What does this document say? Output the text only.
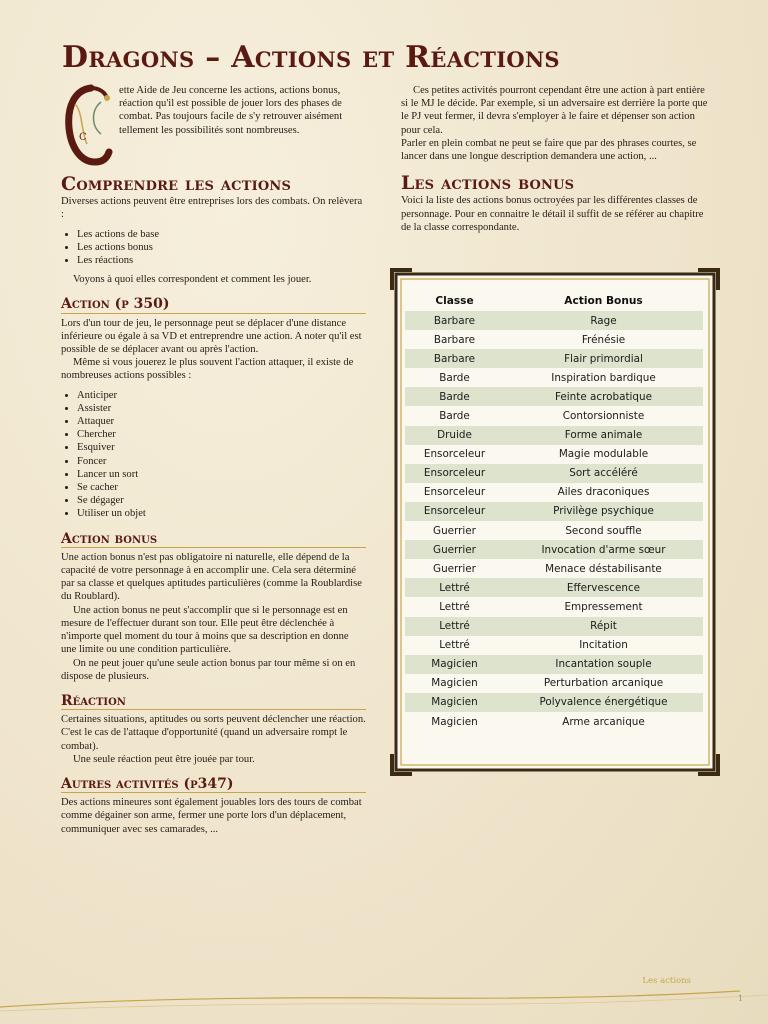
Dragons – Actions et Réactions
C

ette Aide de Jeu concerne les actions, actions bonus, réaction qu'il est possible de jouer lors des phases de combat. Pas toujours facile de s'y retrouver aisément tellement les possibilités sont nombreuses.

Comprendre les actions

Diverses actions peuvent être entreprises lors des combats. On relèvera :

• Les actions de base
• Les actions bonus
• Les réactions

Voyons à quoi elles correspondent et comment les jouer.

Action (p 350)

Lors d'un tour de jeu, le personnage peut se déplacer d'une distance inférieure ou égale à sa VD et entreprendre une action. A noter qu'il est possible de se déplacer avant ou après l'action.

Même si vous jouerez le plus souvent l'action attaquer, il existe de nombreuses actions possibles :

• Anticiper
• Assister
• Attaquer
• Chercher
• Esquiver
• Foncer
• Lancer un sort
• Se cacher
• Se dégager
• Utiliser un objet
Action bonus

Une action bonus n'est pas obligatoire ni naturelle, elle dépend de la capacité de votre personnage à en accomplir une. Cela sera déterminé par sa classe et quelques aptitudes particulières (comme la Roublardise du Roublard).

Une action bonus ne peut s'accomplir que si le personnage est en mesure de l'effectuer durant son tour. Elle peut être déclenchée à n'importe quel moment du tour à moins que sa description en donne une limite ou une condition particulière.

On ne peut jouer qu'une seule action bonus par tour même si on en dispose de plusieurs.

Réaction

Certaines situations, aptitudes ou sorts peuvent déclencher une réaction. C'est le cas de l'attaque d'opportunité (quand un adversaire rompt le combat).

Une seule réaction peut être jouée par tour.

Autres activités (p347)

Des actions mineures sont également jouables lors des tours de combat comme dégainer son arme, fermer une porte lors d'un déplacement, communiquer avec ses camarades, ...

Ces petites activités pourront cependant être une action à part entière si le MJ le décide. Par exemple, si un adversaire est derrière la porte que le PJ veut fermer, il devra s'employer à le faire et dépenser son action pour cela.

Parler en plein combat ne peut se faire que par des phrases courtes, se lancer dans une longue description demandera une action, ...

Les actions bonus

Voici la liste des actions bonus octroyées par les différentes classes de personnage. Pour en connaitre le détail il suffit de se référer au chapitre de la classe correspondante.

Classe	Action Bonus
Barbare	Rage
Barbare	Frénésie
Barbare	Flair primordial
Barde	Inspiration bardique
Barde	Feinte acrobatique
Barde	Contorsionniste
Druide	Forme animale
Ensorceleur	Magie modulable
Ensorceleur	Sort accéléré
Ensorceleur	Ailes draconiques
Ensorceleur	Privilège psychique
Guerrier	Second souffle
Guerrier	Invocation d'arme sœur
Guerrier	Menace déstabilisante
Lettré	Effervescence
Lettré	Empressement
Lettré	Répit
Lettré	Incitation
Magicien	Incantation souple
Magicien	Perturbation arcanique
Magicien	Polyvalence énergétique
Magicien	Arme arcanique
Les actions
1
